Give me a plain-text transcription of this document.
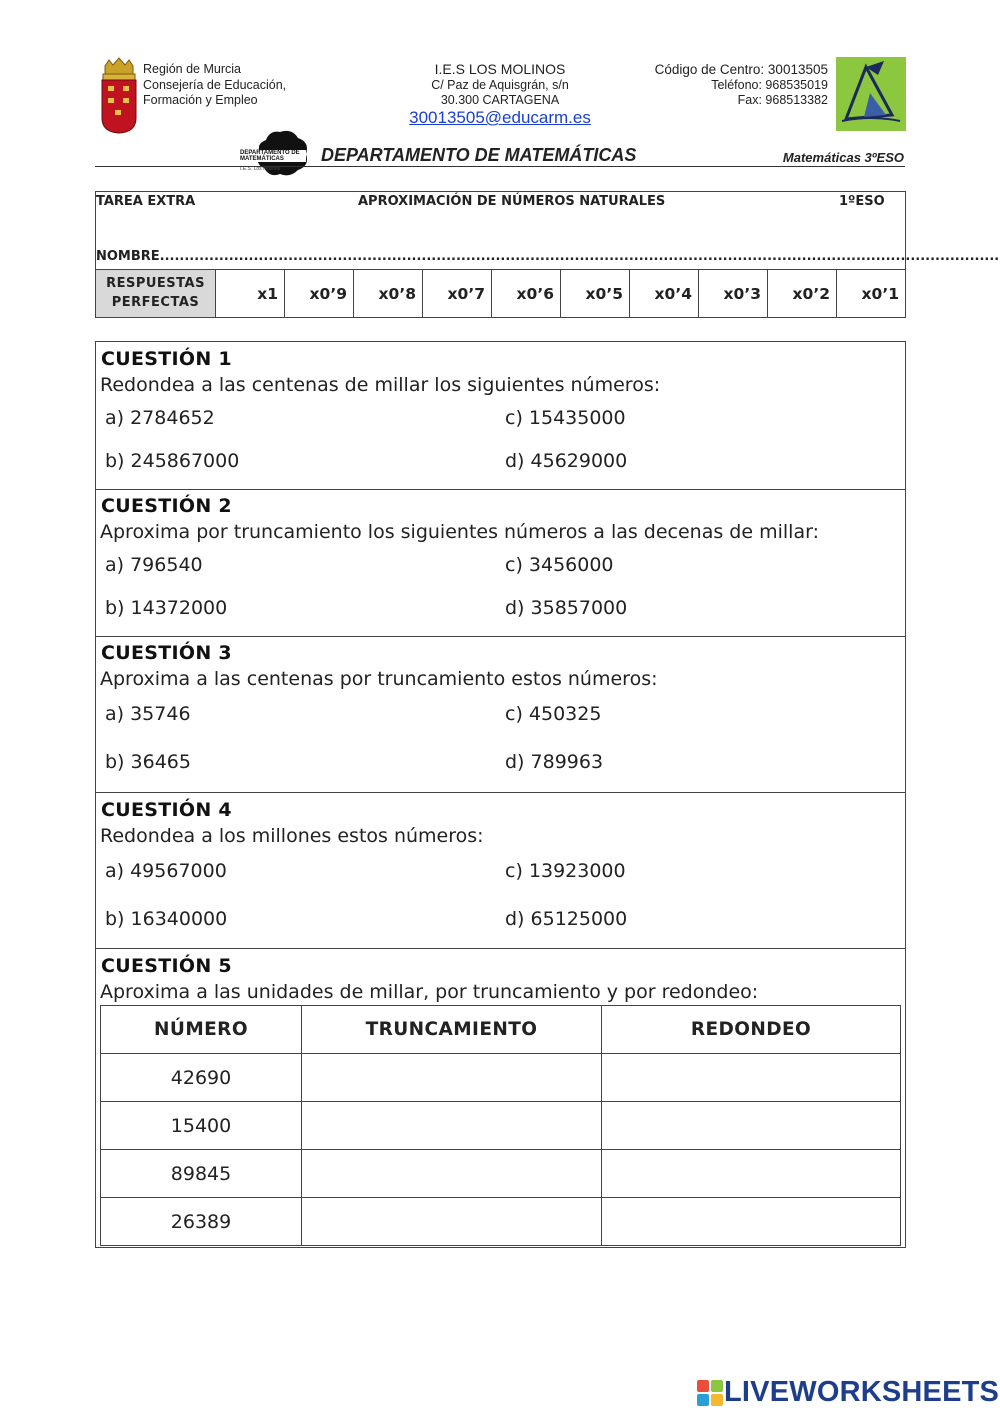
Región de Murcia
Consejería de Educación,
Formación y Empleo
I.E.S LOS MOLINOS
C/ Paz de Aquisgrán, s/n
30.300 CARTAGENA
30013505@educarm.es
Código de Centro: 30013505
Teléfono: 968535019
Fax: 968513382
DEPARTAMENTO DE MATEMÁTICAS
I.E.S. Los Molinos
DEPARTAMENTO DE MATEMÁTICAS	Matemáticas 3ºESO
TAREA EXTRA	APROXIMACIÓN DE NÚMEROS NATURALES	1ºESO
NOMBRE..........................................................................................................................................................................
RESPUESTAS
PERFECTAS	x1	x0’9	x0’8	x0’7	x0’6	x0’5	x0’4	x0’3	x0’2	x0’1
CUESTIÓN 1
Redondea a las centenas de millar los siguientes números:
a) 2784652	c) 15435000
b) 245867000	d) 45629000
CUESTIÓN 2
Aproxima por truncamiento los siguientes números a las decenas de millar:
a) 796540	c) 3456000
b) 14372000	d) 35857000
CUESTIÓN 3
Aproxima a las centenas por truncamiento estos números:
a) 35746	c) 450325
b) 36465	d) 789963
CUESTIÓN 4
Redondea a los millones estos números:
a) 49567000	c) 13923000
b) 16340000	d) 65125000
CUESTIÓN 5
Aproxima a las unidades de millar, por truncamiento y por redondeo:
NÚMERO	TRUNCAMIENTO	REDONDEO
42690		
15400		
89845		
26389		
LIVEWORKSHEETS
